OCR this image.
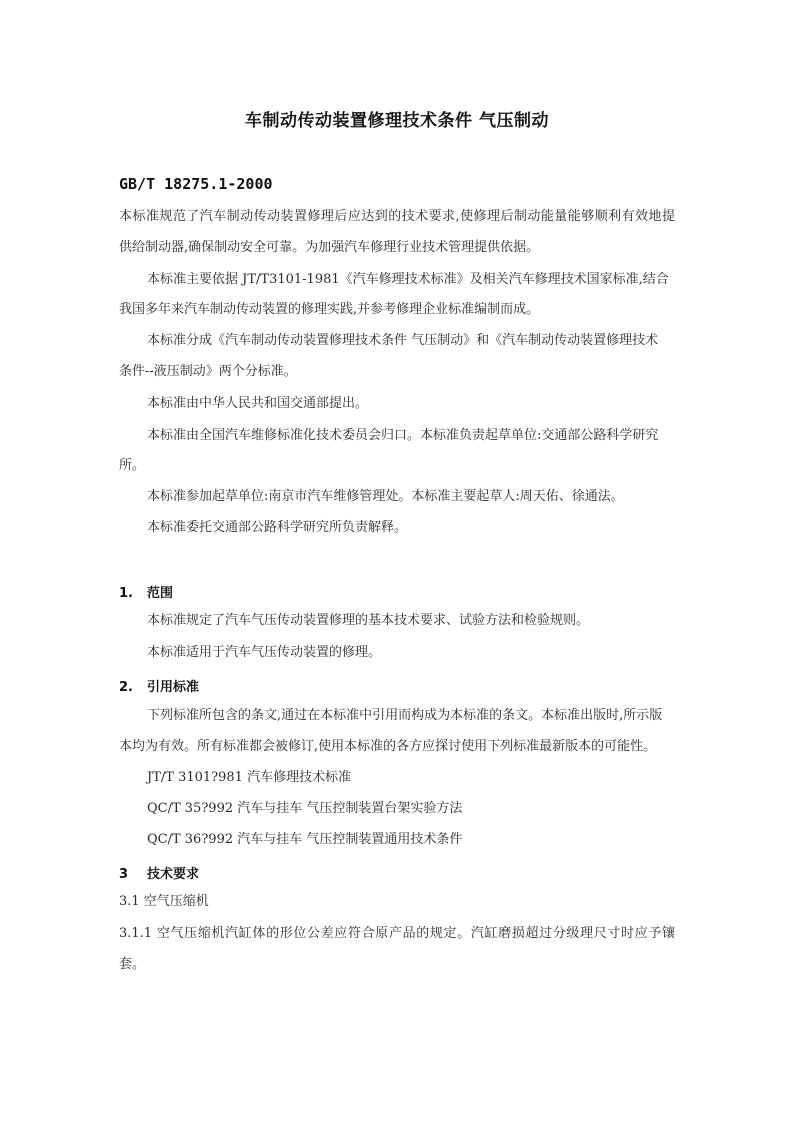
车制动传动装置修理技术条件 气压制动
GB/T 18275.1-2000
本标准规范了汽车制动传动装置修理后应达到的技术要求,使修理后制动能量能够顺利有效地提
供给制动器,确保制动安全可靠。为加强汽车修理行业技术管理提供依据。
本标准主要依据 JT/T3101-1981《汽车修理技术标准》及相关汽车修理技术国家标准,结合
我国多年来汽车制动传动装置的修理实践,并参考修理企业标准编制而成。
本标准分成《汽车制动传动装置修理技术条件 气压制动》和《汽车制动传动装置修理技术
条件--液压制动》两个分标准。
本标准由中华人民共和国交通部提出。
本标准由全国汽车维修标准化技术委员会归口。本标准负责起草单位:交通部公路科学研究
所。
本标准参加起草单位:南京市汽车维修管理处。本标准主要起草人:周天佑、徐通法。
本标准委托交通部公路科学研究所负责解释。
1. 范围
本标准规定了汽车气压传动装置修理的基本技术要求、试验方法和检验规则。
本标准适用于汽车气压传动装置的修理。
2. 引用标准
下列标准所包含的条文,通过在本标准中引用而构成为本标准的条文。本标准出版时,所示版
本均为有效。所有标准都会被修订,使用本标准的各方应探讨使用下列标准最新版本的可能性。
JT/T 3101?981 汽车修理技术标准
QC/T 35?992 汽车与挂车 气压控制装置台架实验方法
QC/T 36?992 汽车与挂车 气压控制装置通用技术条件
3 技术要求
3.1 空气压缩机
3.1.1 空气压缩机汽缸体的形位公差应符合原产品的规定。汽缸磨损超过分级理尺寸时应予镶
套。
